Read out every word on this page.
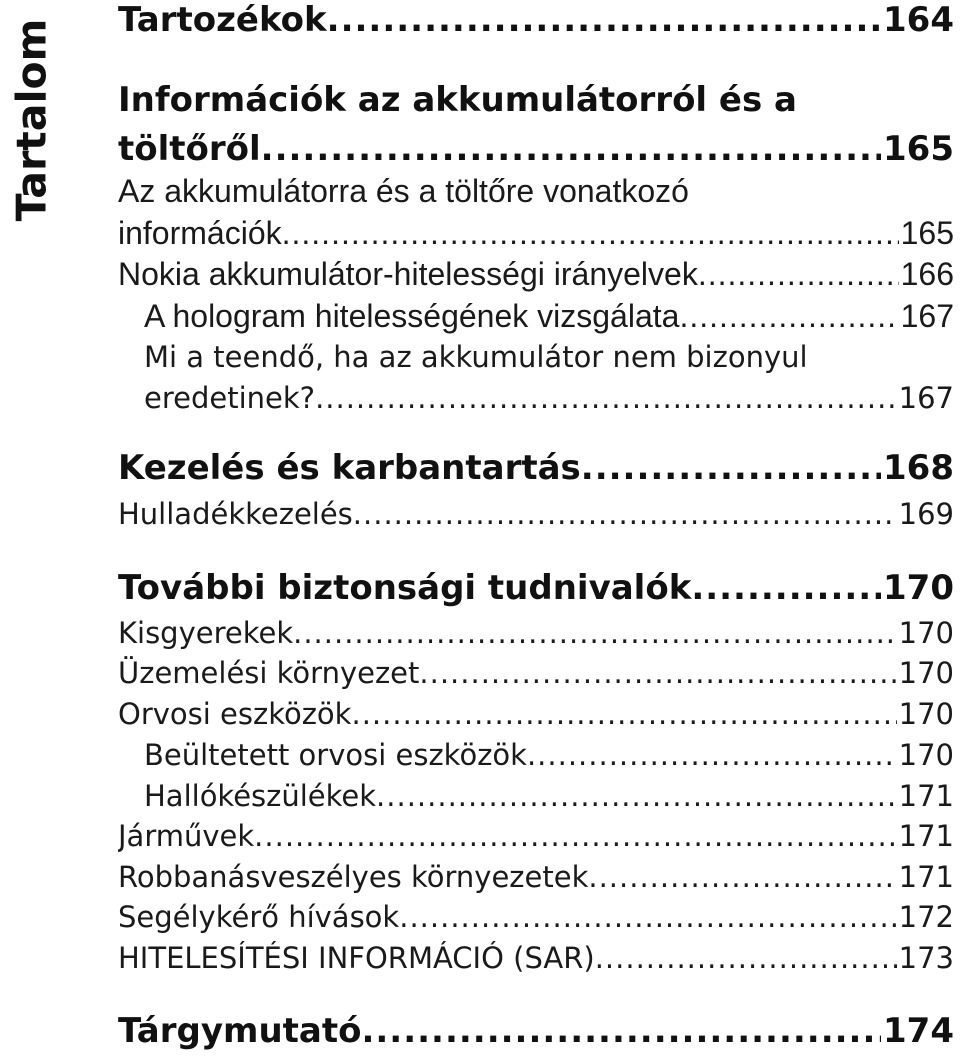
Tartalom Tartozékok .....	164
Információk az akkumulátorról és a
töltőről .....	165
Az akkumulátorra és a töltőre vonatkozó
információk .....	165
Nokia akkumulátor-hitelességi irányelvek .....	166
A hologram hitelességének vizsgálata .....	167
Mi a teendő, ha az akkumulátor nem bizonyul
eredetinek? .....	167
Kezelés és karbantartás .....	168
Hulladékkezelés .....	169
További biztonsági tudnivalók .....	170
Kisgyerekek .....	170
Üzemelési környezet .....	170
Orvosi eszközök .....	170
Beültetett orvosi eszközök .....	170
Hallókészülékek .....	171
Járművek .....	171
Robbanásveszélyes környezetek .....	171
Segélykérő hívások .....	172
HITELESÍTÉSI INFORMÁCIÓ (SAR) .....	173
Tárgymutató .....	174
